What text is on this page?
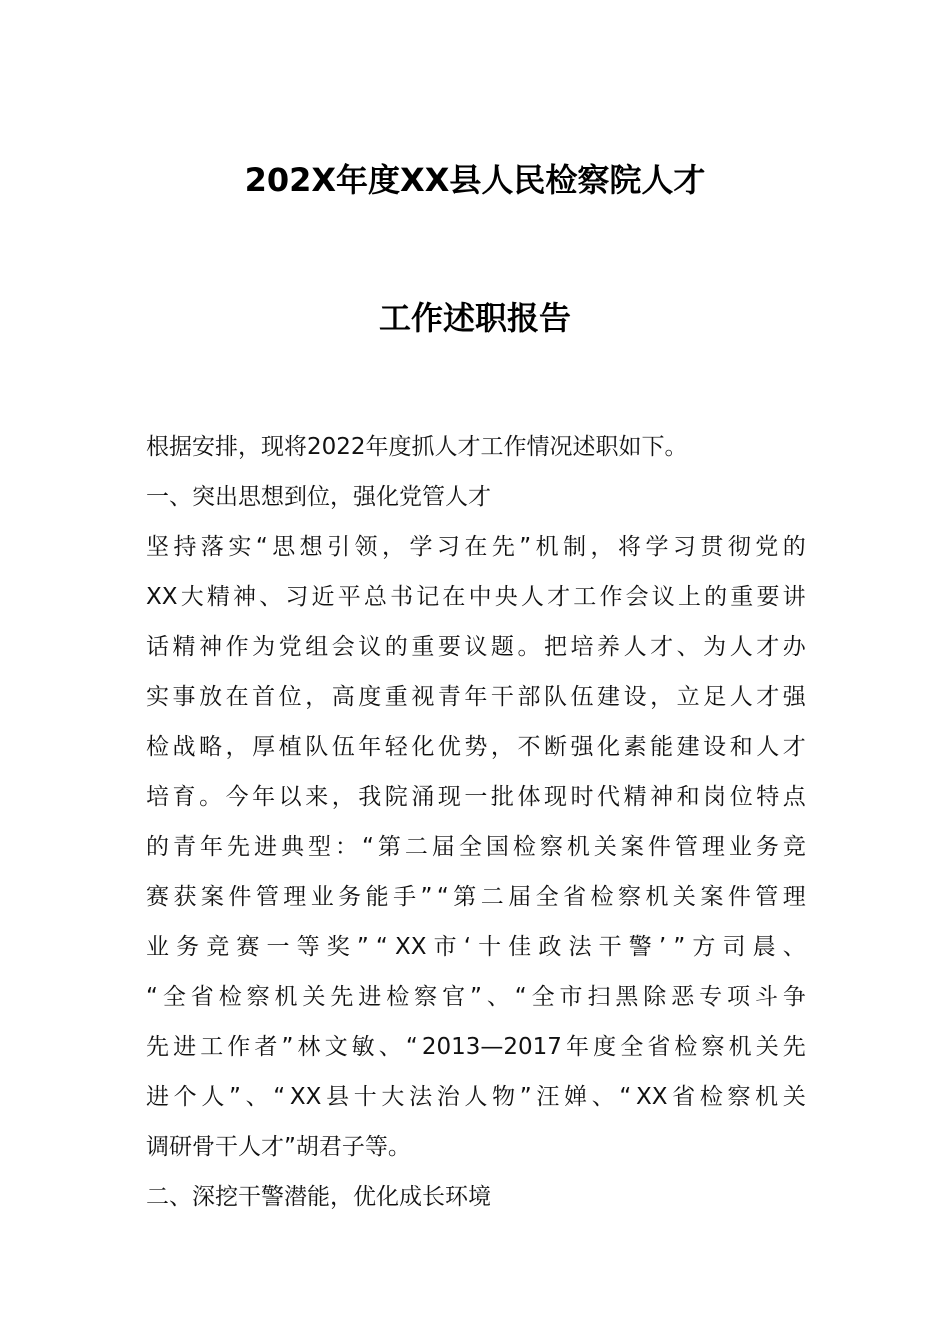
202X年度XX县人民检察院人才
工作述职报告
根据安排，现将2022年度抓人才工作情况述职如下。
一、突出思想到位，强化党管人才
坚 持 落 实 “ 思 想 引 领 ， 学 习 在 先 ” 机 制 ， 将 学 习 贯 彻 党 的
XX 大 精 神 、 习 近 平 总 书 记 在 中 央 人 才 工 作 会 议 上 的 重 要 讲
话 精 神 作 为 党 组 会 议 的 重 要 议 题 。 把 培 养 人 才 、 为 人 才 办
实 事 放 在 首 位 ， 高 度 重 视 青 年 干 部 队 伍 建 设 ， 立 足 人 才 强
检 战 略 ， 厚 植 队 伍 年 轻 化 优 势 ， 不 断 强 化 素 能 建 设 和 人 才
培 育 。 今 年 以 来 ， 我 院 涌 现 一 批 体 现 时 代 精 神 和 岗 位 特 点
的 青 年 先 进 典 型 ： “ 第 二 届 全 国 检 察 机 关 案 件 管 理 业 务 竞
赛 获 案 件 管 理 业 务 能 手 ” “ 第 二 届 全 省 检 察 机 关 案 件 管 理
业 务 竞 赛 一 等 奖 ” “ XX 市 ‘ 十 佳 政 法 干 警 ’ ” 方 司 晨 、
“ 全 省 检 察 机 关 先 进 检 察 官 ” 、 “ 全 市 扫 黑 除 恶 专 项 斗 争
先 进 工 作 者 ” 林 文 敏 、 “ 2013—2017 年 度 全 省 检 察 机 关 先
进 个 人 ” 、 “ XX 县 十 大 法 治 人 物 ” 汪 婵 、 “ XX 省 检 察 机 关
调研骨干人才”胡君子等。
二、深挖干警潜能，优化成长环境
